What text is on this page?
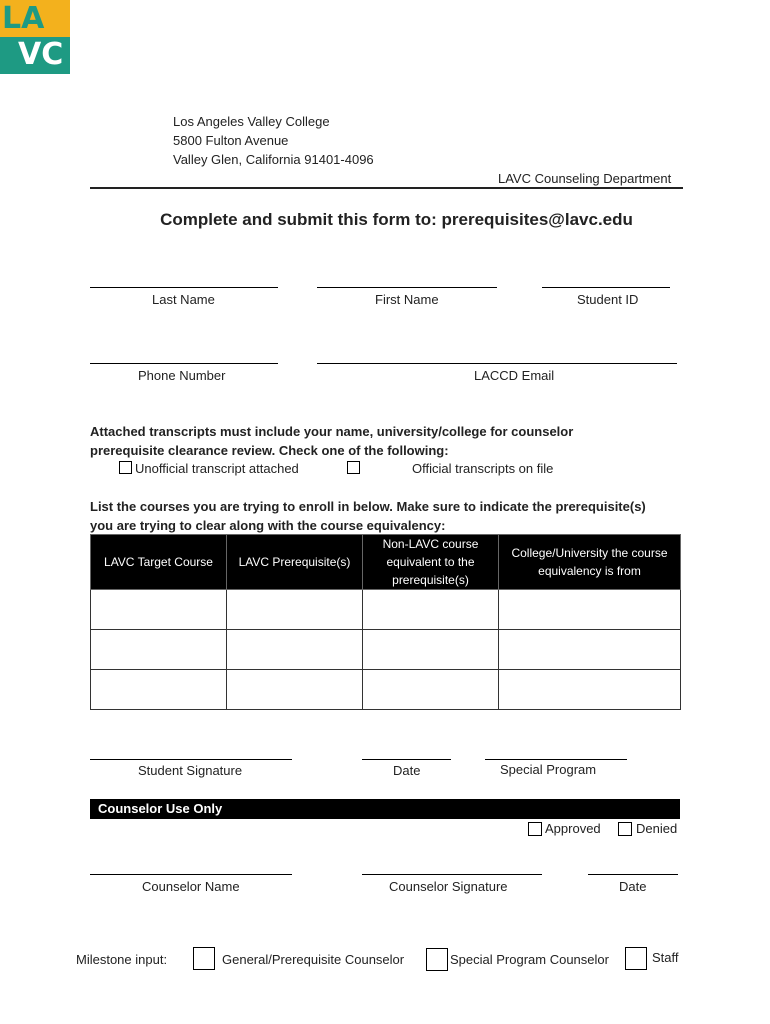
LA
VC
Los Angeles Valley College
5800 Fulton Avenue
Valley Glen, California 91401-4096
LAVC Counseling Department
Complete and submit this form to: prerequisites@lavc.edu
Last Name	First Name	Student ID
Phone Number	LACCD Email
Attached transcripts must include your name, university/college for counselor
prerequisite clearance review. Check one of the following:
Unofficial transcript attached	Official transcripts on file
List the courses you are trying to enroll in below. Make sure to indicate the prerequisite(s)
you are trying to clear along with the course equivalency:
LAVC Target Course	LAVC Prerequisite(s)	Non-LAVC course equivalent to the prerequisite(s)	College/University the course equivalency is from

Student Signature	Date	Special Program
Counselor Use Only
Approved	Denied
Counselor Name	Counselor Signature	Date
Milestone input:	General/Prerequisite Counselor	Special Program Counselor	Staff
